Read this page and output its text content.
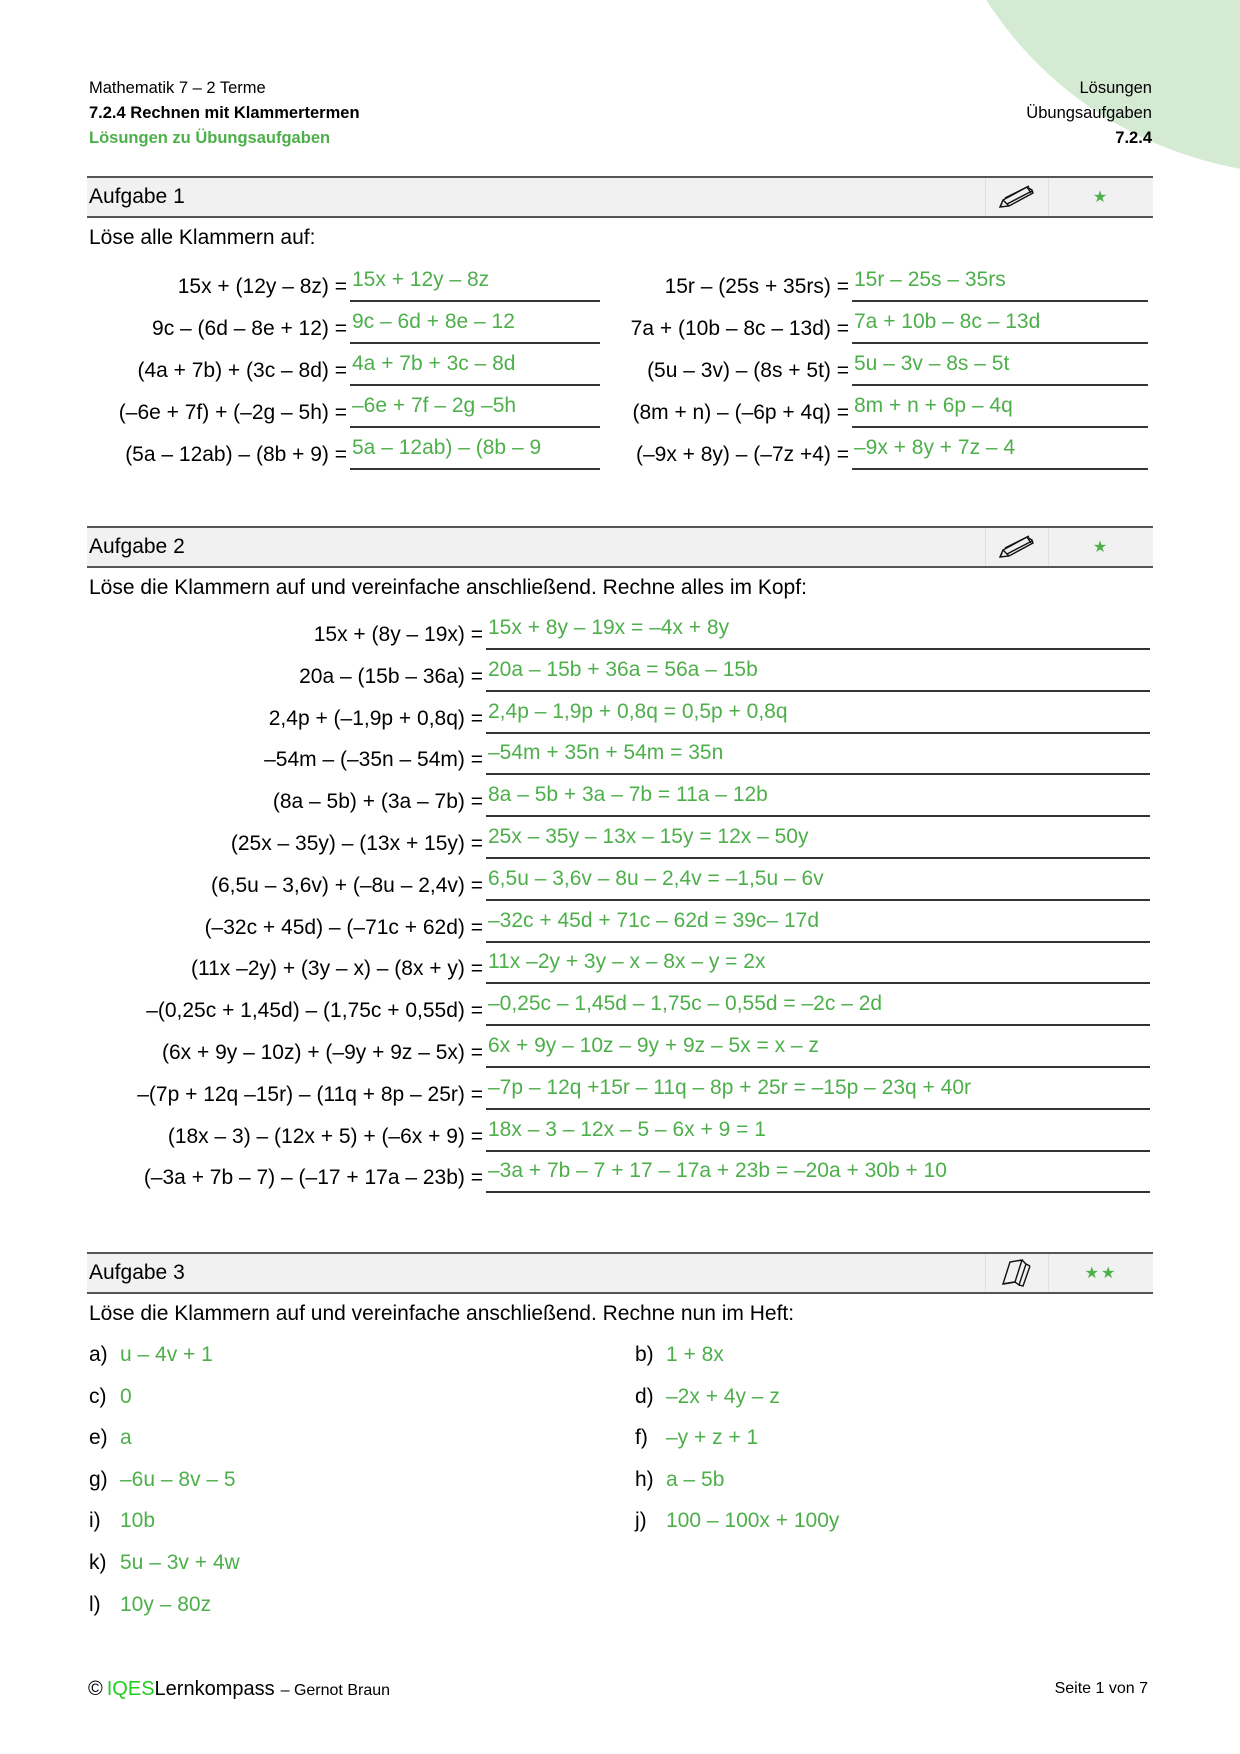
Mathematik 7 – 2 Terme
7.2.4 Rechnen mit Klammertermen
Lösungen zu Übungsaufgaben
Lösungen
Übungsaufgaben
7.2.4
Aufgabe 1	★
Löse alle Klammern auf:
15x + (12y – 8z) = 15x + 12y – 8z
9c – (6d – 8e + 12) = 9c – 6d + 8e – 12
(4a + 7b) + (3c – 8d) = 4a + 7b + 3c – 8d
(–6e + 7f) + (–2g – 5h) = –6e + 7f – 2g –5h
(5a – 12ab) – (8b + 9) = 5a – 12ab) – (8b – 9
15r – (25s + 35rs) = 15r – 25s – 35rs
7a + (10b – 8c – 13d) = 7a + 10b – 8c – 13d
(5u – 3v) – (8s + 5t) = 5u – 3v – 8s – 5t
(8m + n) – (–6p + 4q) = 8m + n + 6p – 4q
(–9x + 8y) – (–7z +4) = –9x + 8y + 7z – 4
Aufgabe 2	★
Löse die Klammern auf und vereinfache anschließend. Rechne alles im Kopf:
15x + (8y – 19x) = 15x + 8y – 19x = –4x + 8y
20a – (15b – 36a) = 20a – 15b + 36a = 56a – 15b
2,4p + (–1,9p + 0,8q) = 2,4p – 1,9p + 0,8q = 0,5p + 0,8q
–54m – (–35n – 54m) = –54m + 35n + 54m = 35n
(8a – 5b) + (3a – 7b) = 8a – 5b + 3a – 7b = 11a – 12b
(25x – 35y) – (13x + 15y) = 25x – 35y – 13x – 15y = 12x – 50y
(6,5u – 3,6v) + (–8u – 2,4v) = 6,5u – 3,6v – 8u – 2,4v = –1,5u – 6v
(–32c + 45d) – (–71c + 62d) = –32c + 45d + 71c – 62d = 39c– 17d
(11x –2y) + (3y – x) – (8x + y) = 11x –2y + 3y – x – 8x – y = 2x
–(0,25c + 1,45d) – (1,75c + 0,55d) = –0,25c – 1,45d – 1,75c – 0,55d = –2c – 2d
(6x + 9y – 10z) + (–9y + 9z – 5x) = 6x + 9y – 10z – 9y + 9z – 5x = x – z
–(7p + 12q –15r) – (11q + 8p – 25r) = –7p – 12q +15r – 11q – 8p + 25r = –15p – 23q + 40r
(18x – 3) – (12x + 5) + (–6x + 9) = 18x – 3 – 12x – 5 – 6x + 9 = 1
(–3a + 7b – 7) – (–17 + 17a – 23b) = –3a + 7b – 7 + 17 – 17a + 23b = –20a + 30b + 10
Aufgabe 3	★★
Löse die Klammern auf und vereinfache anschließend. Rechne nun im Heft:
a) u – 4v + 1
c) 0
e) a
g) –6u – 8v – 5
i) 10b
k) 5u – 3v + 4w
l) 10y – 80z
b) 1 + 8x
d) –2x + 4y – z
f) –y + z + 1
h) a – 5b
j) 100 – 100x + 100y
© IQES Lernkompass – Gernot Braun	Seite 1 von 7
